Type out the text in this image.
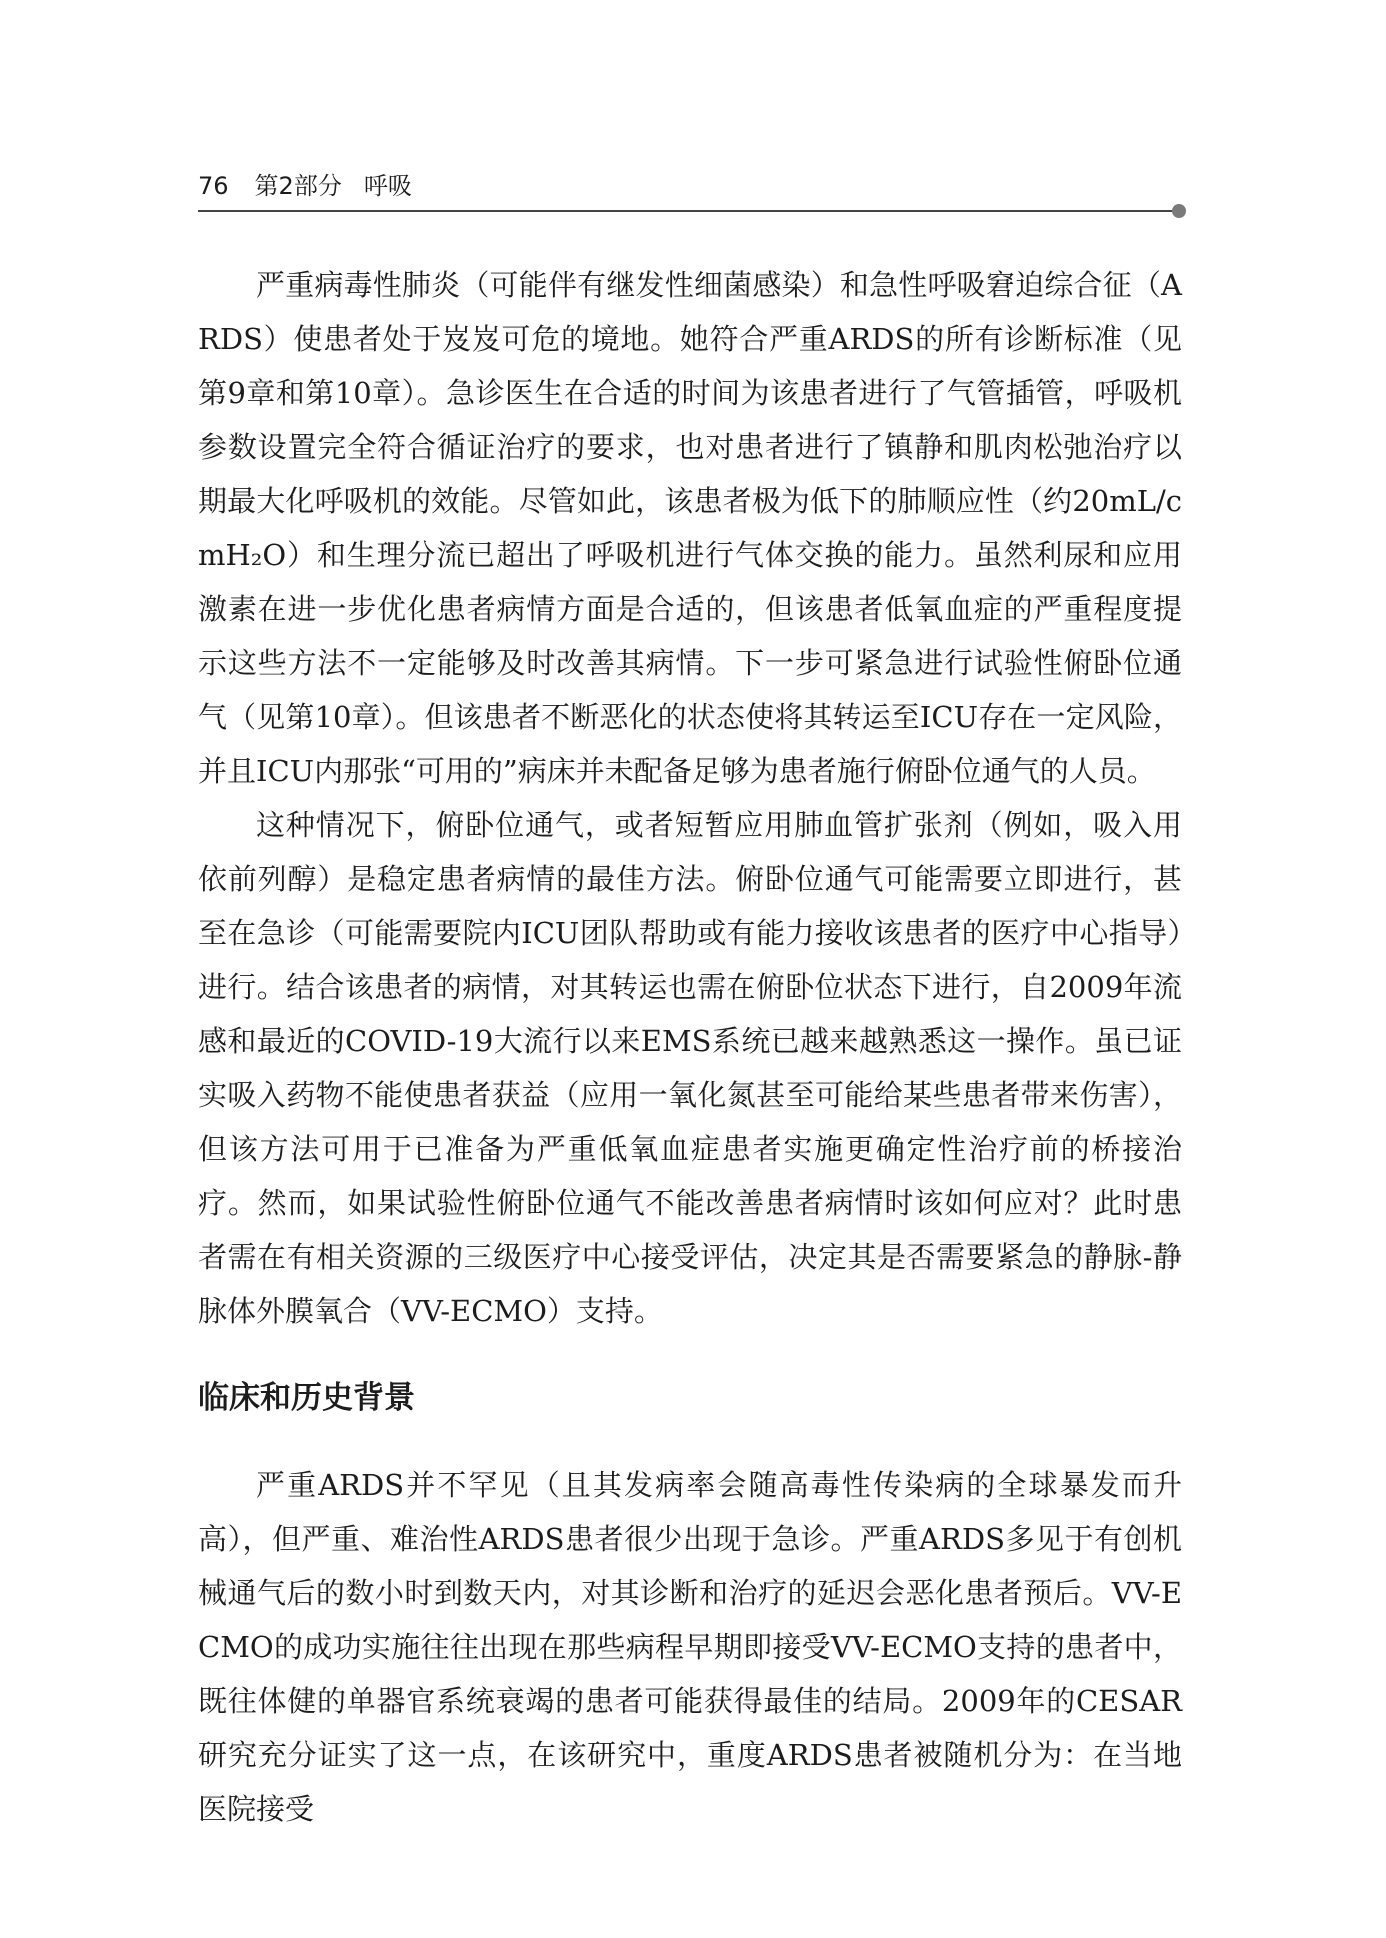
76 第2部分 呼吸

严重病毒性肺炎（可能伴有继发性细菌感染）和急性呼吸窘迫综合征（ARDS）使患者处于岌岌可危的境地。她符合严重ARDS的所有诊断标准（见第9章和第10章）。急诊医生在合适的时间为该患者进行了气管插管，呼吸机参数设置完全符合循证治疗的要求，也对患者进行了镇静和肌肉松弛治疗以期最大化呼吸机的效能。尽管如此，该患者极为低下的肺顺应性（约20mL/cmH₂O）和生理分流已超出了呼吸机进行气体交换的能力。虽然利尿和应用激素在进一步优化患者病情方面是合适的，但该患者低氧血症的严重程度提示这些方法不一定能够及时改善其病情。下一步可紧急进行试验性俯卧位通气（见第10章）。但该患者不断恶化的状态使将其转运至ICU存在一定风险，并且ICU内那张“可用的”病床并未配备足够为患者施行俯卧位通气的人员。

这种情况下，俯卧位通气，或者短暂应用肺血管扩张剂（例如，吸入用依前列醇）是稳定患者病情的最佳方法。俯卧位通气可能需要立即进行，甚至在急诊（可能需要院内ICU团队帮助或有能力接收该患者的医疗中心指导）进行。结合该患者的病情，对其转运也需在俯卧位状态下进行，自2009年流感和最近的COVID-19大流行以来EMS系统已越来越熟悉这一操作。虽已证实吸入药物不能使患者获益（应用一氧化氮甚至可能给某些患者带来伤害），但该方法可用于已准备为严重低氧血症患者实施更确定性治疗前的桥接治疗。然而，如果试验性俯卧位通气不能改善患者病情时该如何应对？此时患者需在有相关资源的三级医疗中心接受评估，决定其是否需要紧急的静脉-静脉体外膜氧合（VV-ECMO）支持。

临床和历史背景

严重ARDS并不罕见（且其发病率会随高毒性传染病的全球暴发而升高），但严重、难治性ARDS患者很少出现于急诊。严重ARDS多见于有创机械通气后的数小时到数天内，对其诊断和治疗的延迟会恶化患者预后。VV-ECMO的成功实施往往出现在那些病程早期即接受VV-ECMO支持的患者中，既往体健的单器官系统衰竭的患者可能获得最佳的结局。2009年的CESAR研究充分证实了这一点，在该研究中，重度ARDS患者被随机分为：在当地医院接受
